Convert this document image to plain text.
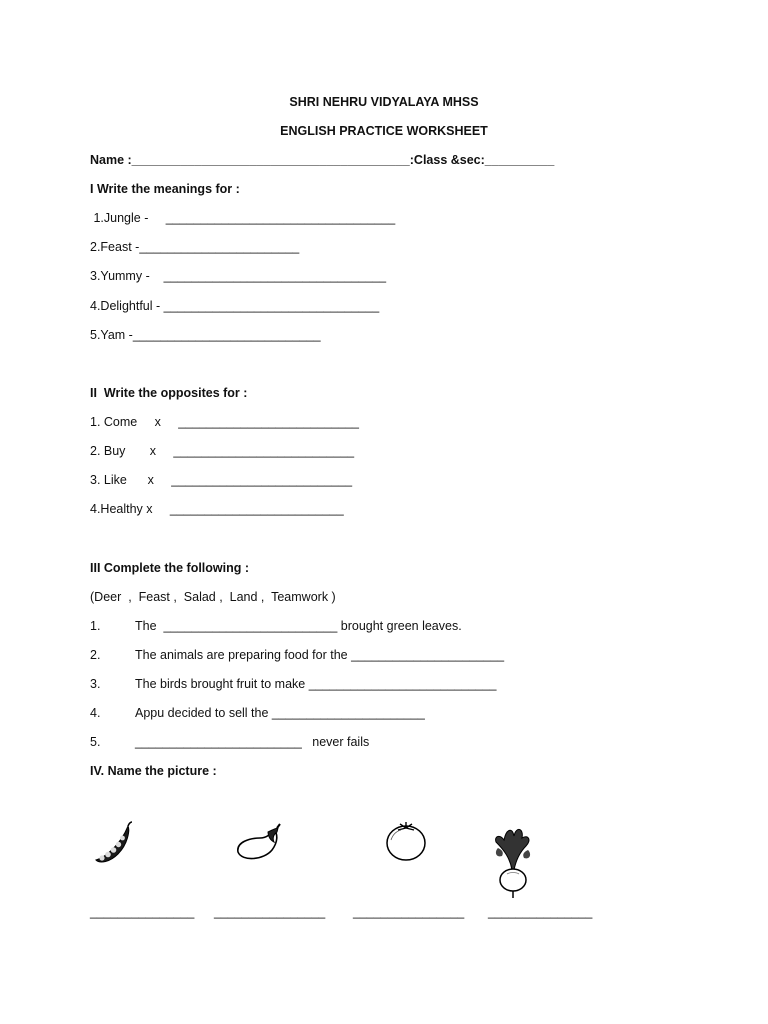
SHRI NEHRU VIDYALAYA MHSS
ENGLISH PRACTICE WORKSHEET
Name :________________________________________:Class &sec:__________
I Write the meanings for :
1.Jungle -     _________________________________
2.Feast -_______________________
3.Yummy -    ________________________________
4.Delightful - _______________________________
5.Yam -___________________________
II  Write the opposites for :
1. Come     x     __________________________
2. Buy       x     __________________________
3. Like      x     __________________________
4.Healthy x     _________________________
III Complete the following :
(Deer  ,  Feast ,  Salad ,  Land ,  Teamwork )
1.	The  _________________________ brought green leaves.
2.	The animals are preparing food for the ______________________
3.	The birds brought fruit to make ___________________________
4.	Appu decided to sell the ______________________
5.	________________________   never fails
IV. Name the picture :
_______________ ________________ ________________ _______________
